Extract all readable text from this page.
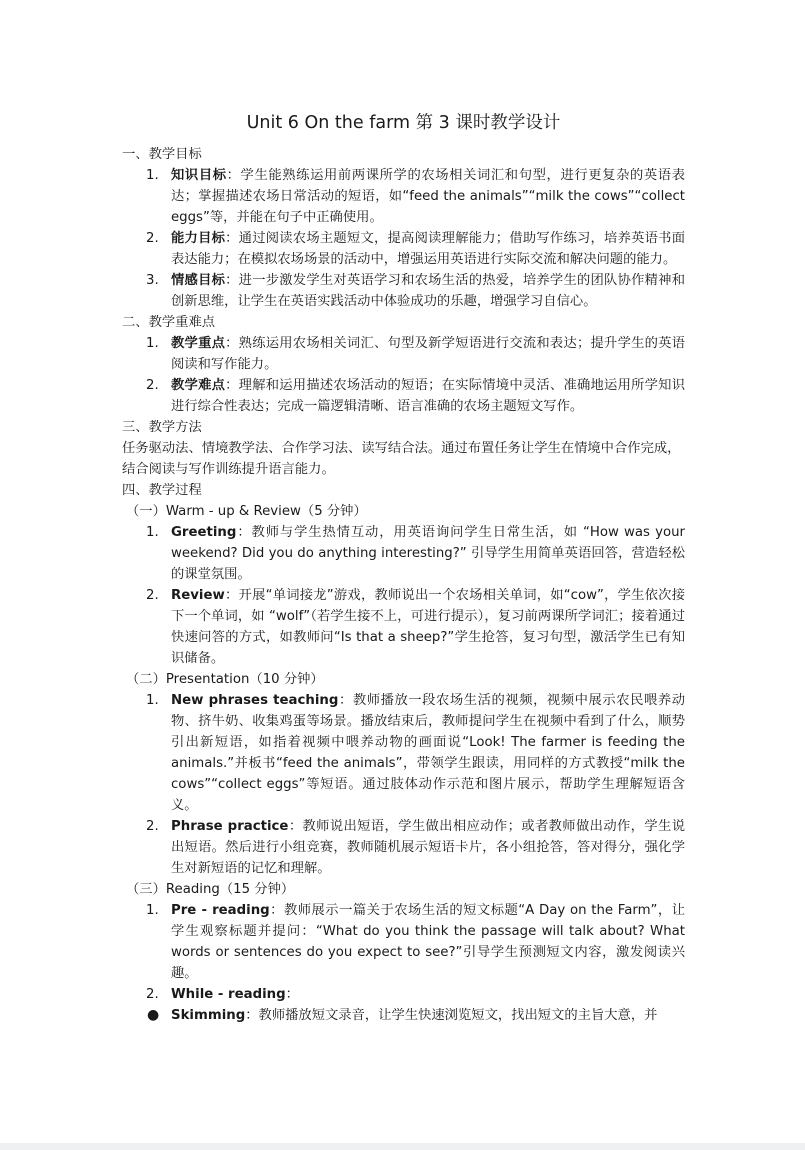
Unit 6 On the farm 第 3 课时教学设计

一、教学目标

1. 知识目标：学生能熟练运用前两课所学的农场相关词汇和句型，进行更复杂的英语表达；掌握描述农场日常活动的短语，如“feed the animals”“milk the cows”“collect eggs”等，并能在句子中正确使用。
2. 能力目标：通过阅读农场主题短文，提高阅读理解能力；借助写作练习，培养英语书面表达能力；在模拟农场场景的活动中，增强运用英语进行实际交流和解决问题的能力。
3. 情感目标：进一步激发学生对英语学习和农场生活的热爱，培养学生的团队协作精神和创新思维，让学生在英语实践活动中体验成功的乐趣，增强学习自信心。

二、教学重难点

1. 教学重点：熟练运用农场相关词汇、句型及新学短语进行交流和表达；提升学生的英语阅读和写作能力。
2. 教学难点：理解和运用描述农场活动的短语；在实际情境中灵活、准确地运用所学知识进行综合性表达；完成一篇逻辑清晰、语言准确的农场主题短文写作。

三、教学方法

任务驱动法、情境教学法、合作学习法、读写结合法。通过布置任务让学生在情境中合作完成，结合阅读与写作训练提升语言能力。

四、教学过程

（一）Warm - up & Review（5 分钟）

1. Greeting：教师与学生热情互动，用英语询问学生日常生活，如 “How was your weekend? Did you do anything interesting?” 引导学生用简单英语回答，营造轻松的课堂氛围。
2. Review：开展“单词接龙”游戏，教师说出一个农场相关单词，如“cow”，学生依次接下一个单词，如 “wolf”（若学生接不上，可进行提示），复习前两课所学词汇；接着通过快速问答的方式，如教师问“Is that a sheep?”学生抢答，复习句型，激活学生已有知识储备。

（二）Presentation（10 分钟）

1. New phrases teaching：教师播放一段农场生活的视频，视频中展示农民喂养动物、挤牛奶、收集鸡蛋等场景。播放结束后，教师提问学生在视频中看到了什么，顺势引出新短语，如指着视频中喂养动物的画面说“Look! The farmer is feeding the animals.”并板书“feed the animals”，带领学生跟读，用同样的方式教授“milk the cows”“collect eggs”等短语。通过肢体动作示范和图片展示，帮助学生理解短语含义。
2. Phrase practice：教师说出短语，学生做出相应动作；或者教师做出动作，学生说出短语。然后进行小组竞赛，教师随机展示短语卡片，各小组抢答，答对得分，强化学生对新短语的记忆和理解。

（三）Reading（15 分钟）

1. Pre - reading：教师展示一篇关于农场生活的短文标题“A Day on the Farm”，让学生观察标题并提问：“What do you think the passage will talk about? What words or sentences do you expect to see?”引导学生预测短文内容，激发阅读兴趣。
2. While - reading：
● Skimming：教师播放短文录音，让学生快速浏览短文，找出短文的主旨大意，并
